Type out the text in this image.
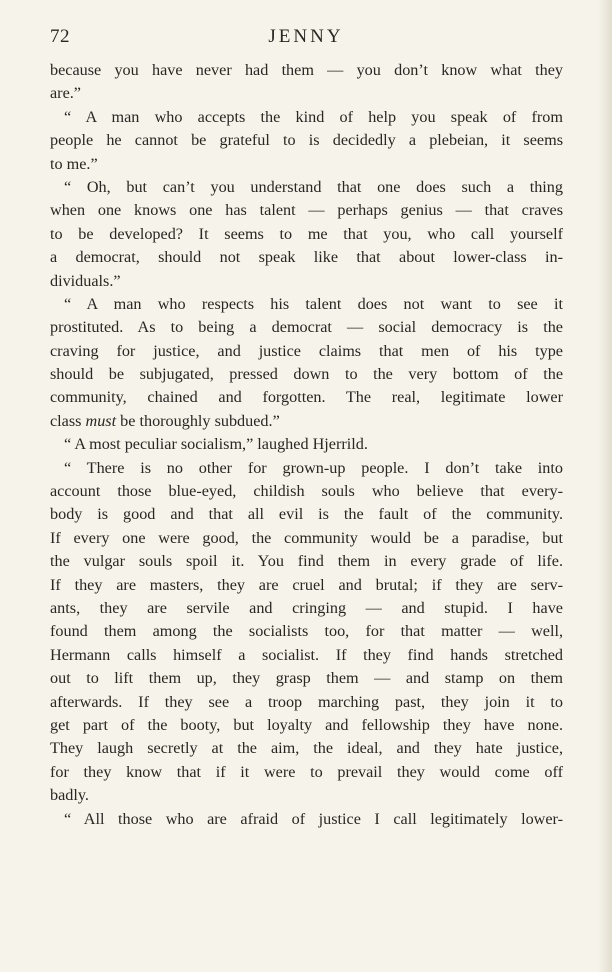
72	JENNY
because you have never had them — you don’t know what they
are.”
“ A man who accepts the kind of help you speak of from
people he cannot be grateful to is decidedly a plebeian, it seems
to me.”
“ Oh, but can’t you understand that one does such a thing
when one knows one has talent — perhaps genius — that craves
to be developed? It seems to me that you, who call yourself
a democrat, should not speak like that about lower-class in-
dividuals.”
“ A man who respects his talent does not want to see it
prostituted. As to being a democrat — social democracy is the
craving for justice, and justice claims that men of his type
should be subjugated, pressed down to the very bottom of the
community, chained and forgotten. The real, legitimate lower
class must be thoroughly subdued.”
“ A most peculiar socialism,” laughed Hjerrild.
“ There is no other for grown-up people. I don’t take into
account those blue-eyed, childish souls who believe that every-
body is good and that all evil is the fault of the community.
If every one were good, the community would be a paradise, but
the vulgar souls spoil it. You find them in every grade of life.
If they are masters, they are cruel and brutal; if they are serv-
ants, they are servile and cringing — and stupid. I have
found them among the socialists too, for that matter — well,
Hermann calls himself a socialist. If they find hands stretched
out to lift them up, they grasp them — and stamp on them
afterwards. If they see a troop marching past, they join it to
get part of the booty, but loyalty and fellowship they have none.
They laugh secretly at the aim, the ideal, and they hate justice,
for they know that if it were to prevail they would come off
badly.
“ All those who are afraid of justice I call legitimately lower-
